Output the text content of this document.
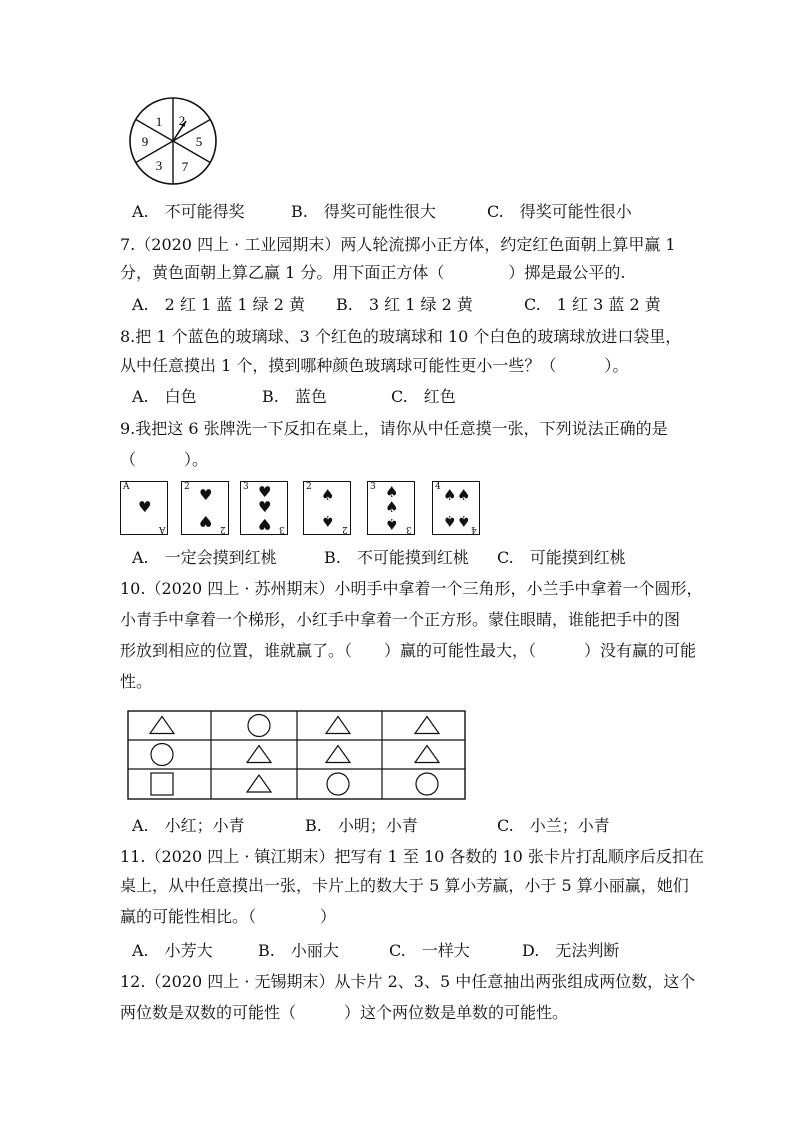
1 2
5
7
3
9
A.　 不可能得奖	B.　 得奖可能性很大	C.　 得奖可能性很小
7.（2020 四上 · 工业园期末）两人轮流掷小正方体，约定红色面朝上算甲赢 1
分，黄色面朝上算乙赢 1 分。用下面正方体（　　　　）掷是最公平的.
A.　 2 红 1 蓝 1 绿 2 黄 B.　 3 红 1 绿 2 黄	C.　 1 红 3 蓝 2 黄
8.把 1 个蓝色的玻璃球、3 个红色的玻璃球和 10 个白色的玻璃球放进口袋里，
从中任意摸出 1 个，摸到哪种颜色玻璃球可能性更小一些？（　　　）。
A.　 白色	B.　 蓝色	C.　 红色
9.我把这 6 张牌洗一下反扣在桌上，请你从中任意摸一张，下列说法正确的是
（　　　）。
A
♥
A
2 ♥
♥ 2
3 ♥
♥
♥ 3
2 ♠
♠ 2
3 ♠
♠
♠ 3
4 ♠ ♠
♠ ♠ 4
A.　 一定会摸到红桃	B.　 不可能摸到红桃 C.　 可能摸到红桃
10.（2020 四上 · 苏州期末）小明手中拿着一个三角形，小兰手中拿着一个圆形，
小青手中拿着一个梯形，小红手中拿着一个正方形。蒙住眼睛，谁能把手中的图
形放到相应的位置，谁就赢了。（　　）赢的可能性最大，（　　　）没有赢的可能
性。
A.　 小红；小青	B.　 小明；小青	C.　 小兰；小青
11.（2020 四上 · 镇江期末）把写有 1 至 10 各数的 10 张卡片打乱顺序后反扣在
桌上，从中任意摸出一张，卡片上的数大于 5 算小芳赢，小于 5 算小丽赢，她们
赢的可能性相比。（　　　　）
A.　 小芳大	B.　 小丽大	C.　 一样大	D.　 无法判断
12.（2020 四上 · 无锡期末）从卡片 2、3、5 中任意抽出两张组成两位数，这个
两位数是双数的可能性（　　　）这个两位数是单数的可能性。
